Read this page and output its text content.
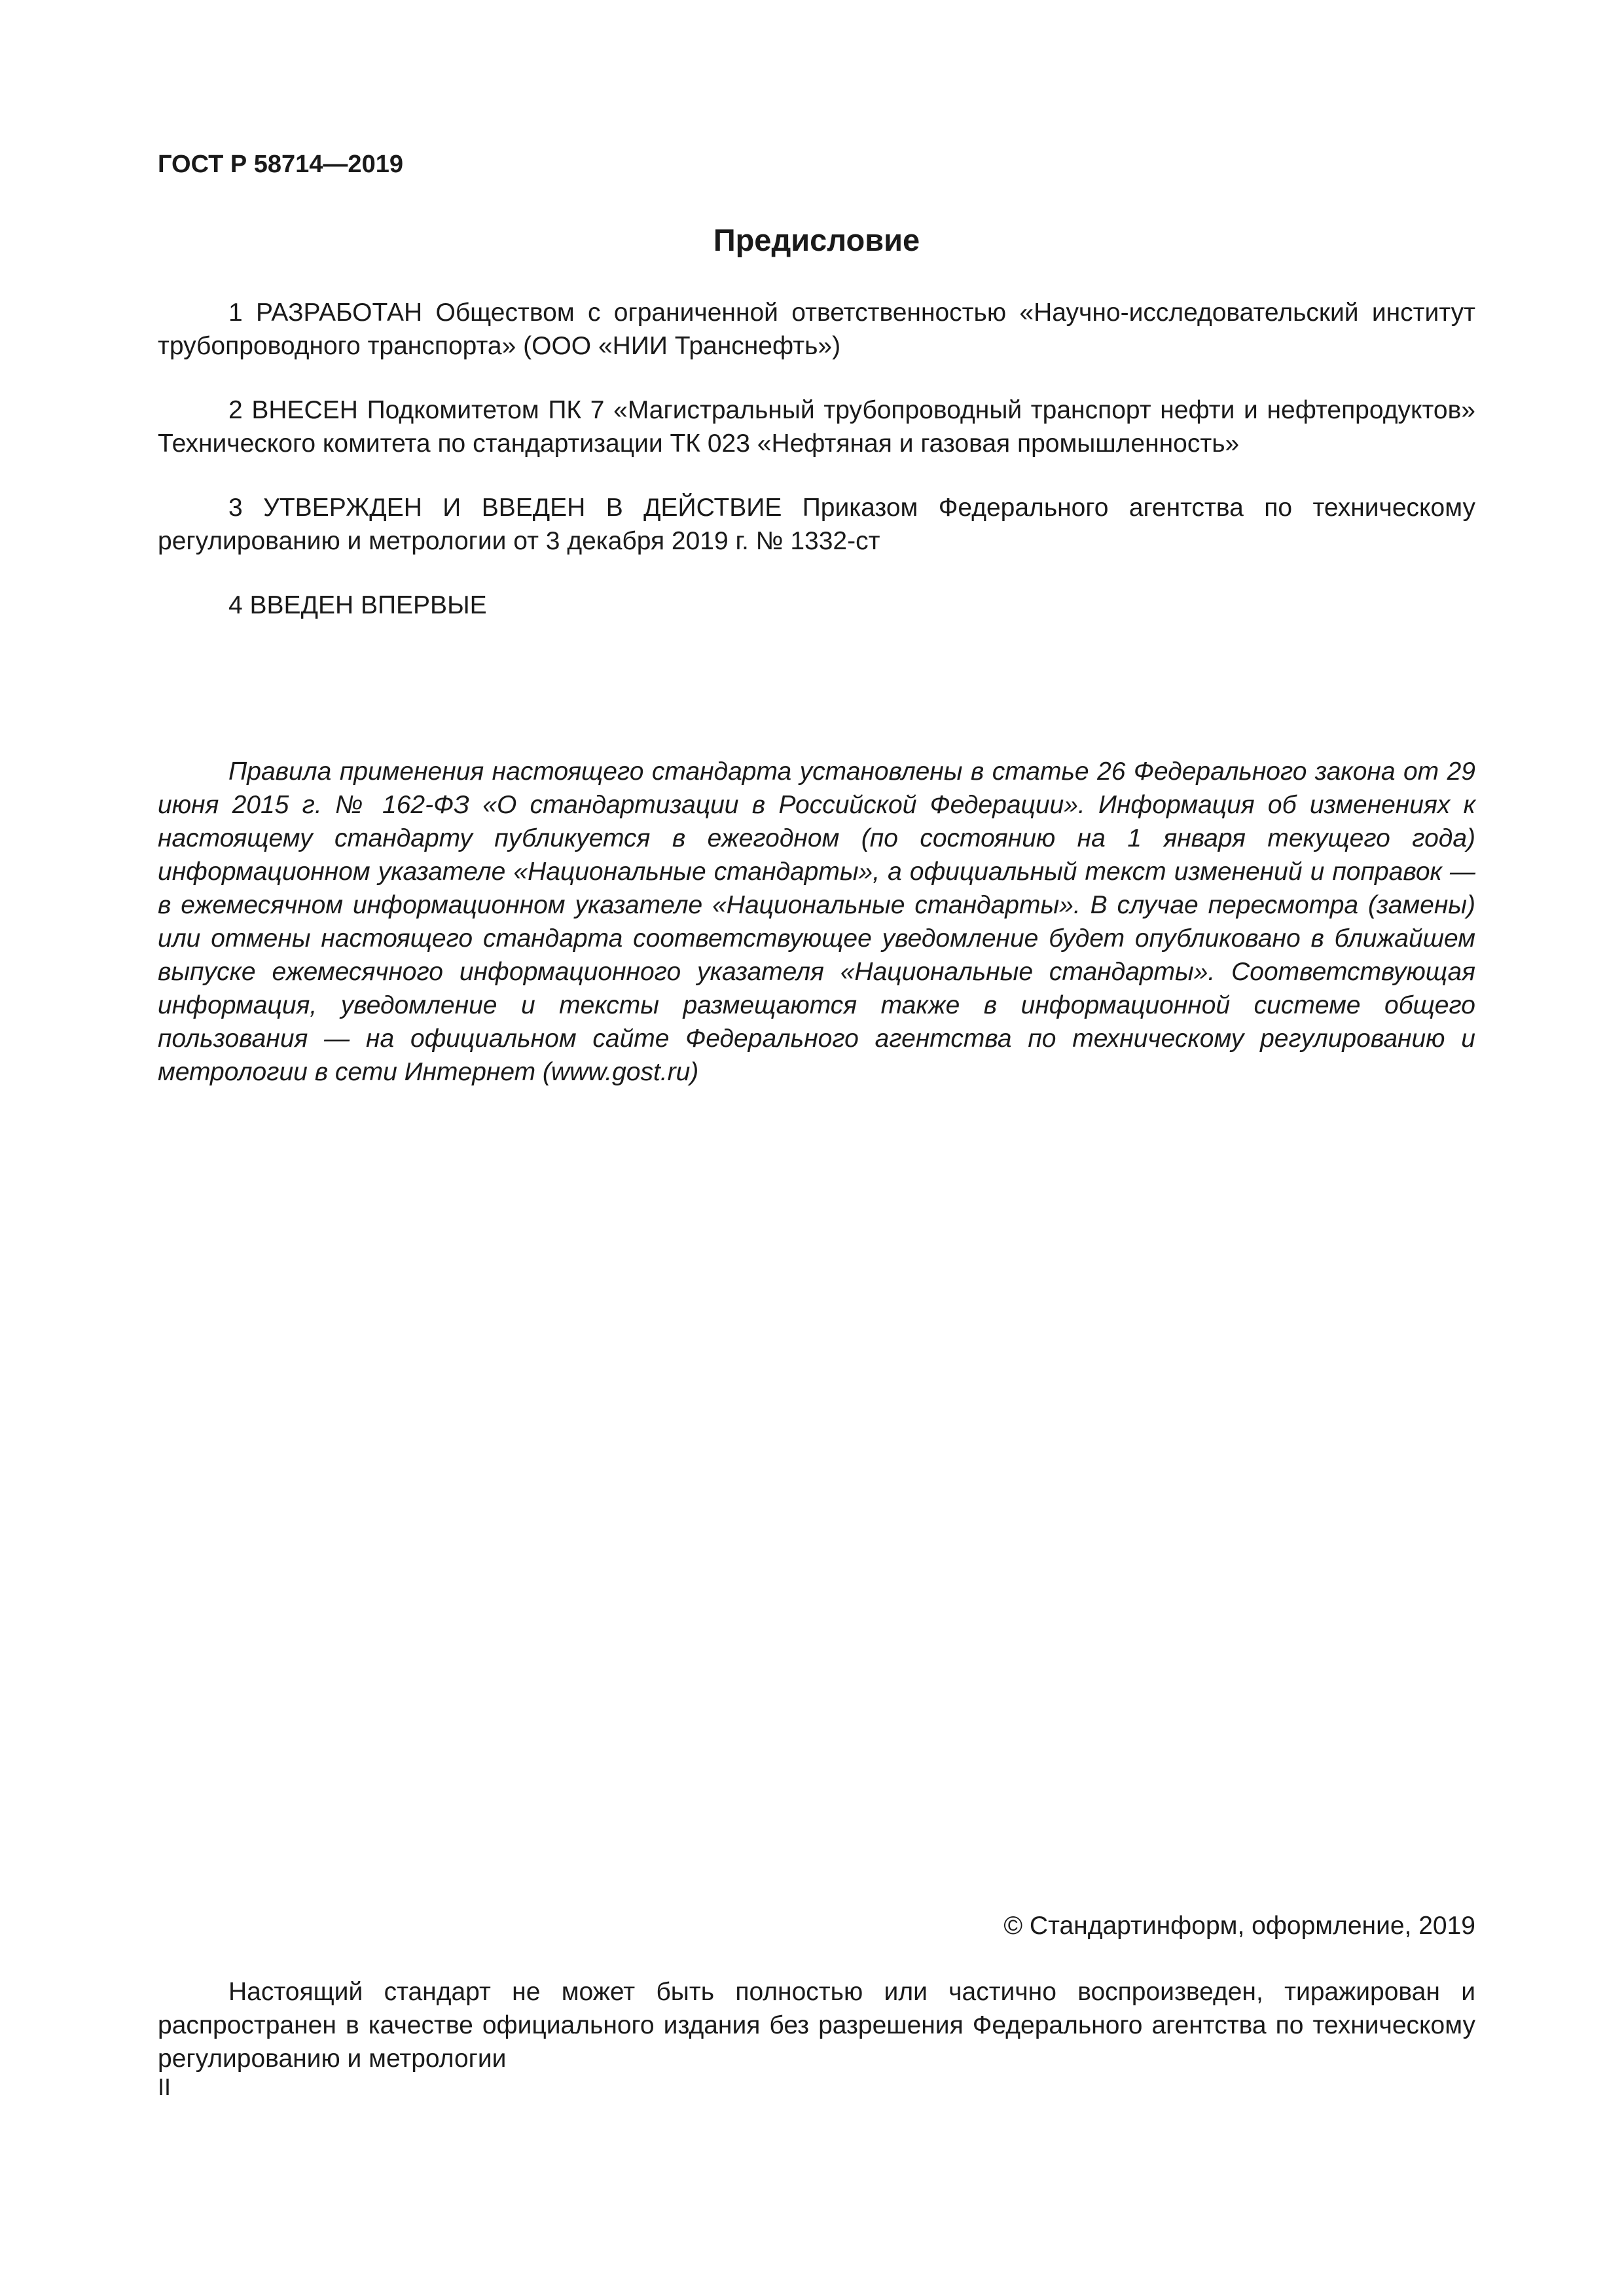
ГОСТ Р 58714—2019
Предисловие

1 РАЗРАБОТАН Обществом с ограниченной ответственностью «Научно-исследовательский институт трубопроводного транспорта» (ООО «НИИ Транснефть»)

2 ВНЕСЕН Подкомитетом ПК 7 «Магистральный трубопроводный транспорт нефти и нефтепродуктов» Технического комитета по стандартизации ТК 023 «Нефтяная и газовая промышленность»

3 УТВЕРЖДЕН И ВВЕДЕН В ДЕЙСТВИЕ Приказом Федерального агентства по техническому регулированию и метрологии от 3 декабря 2019 г. № 1332-ст

4 ВВЕДЕН ВПЕРВЫЕ

Правила применения настоящего стандарта установлены в статье 26 Федерального закона от 29 июня 2015 г. № 162-ФЗ «О стандартизации в Российской Федерации». Информация об изменениях к настоящему стандарту публикуется в ежегодном (по состоянию на 1 января текущего года) информационном указателе «Национальные стандарты», а официальный текст изменений и поправок — в ежемесячном информационном указателе «Национальные стандарты». В случае пересмотра (замены) или отмены настоящего стандарта соответствующее уведомление будет опубликовано в ближайшем выпуске ежемесячного информационного указателя «Национальные стандарты». Соответствующая информация, уведомление и тексты размещаются также в информационной системе общего пользования — на официальном сайте Федерального агентства по техническому регулированию и метрологии в сети Интернет (www.gost.ru)

© Стандартинформ, оформление, 2019

Настоящий стандарт не может быть полностью или частично воспроизведен, тиражирован и распространен в качестве официального издания без разрешения Федерального агентства по техническому регулированию и метрологии

II
